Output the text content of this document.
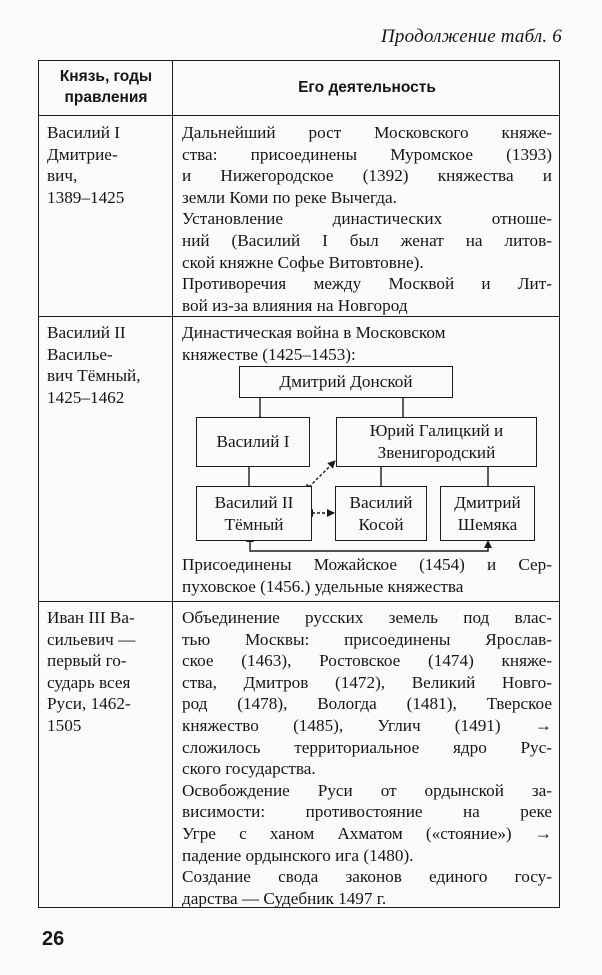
Продолжение табл. 6
Князь, годы
правления
Его деятельность
Василий I
Дмитрие-
вич,
1389–1425
Дальнейший рост Московского княже-
ства: присоединены Муромское (1393)
и Нижегородское (1392) княжества и
земли Коми по реке Вычегда.
Установление династических отноше-
ний (Василий I был женат на литов-
ской княжне Софье Витовтовне).
Противоречия между Москвой и Лит-
вой из-за влияния на Новгород
Василий II
Васильe-
вич Тёмный,
1425–1462
Династическая война в Московском
княжестве (1425–1453):
Дмитрий Донской
Василий I
Юрий Галицкий и
Звенигородский
Василий II
Тёмный
Василий
Косой
Дмитрий
Шемяка
Присоединены Можайское (1454) и Сер-
пуховское (1456.) удельные княжества
Иван III Ва-
сильевич —
первый го-
сударь всея
Руси, 1462-
1505
Объединение русских земель под влас-
тью Москвы: присоединены Ярослав-
ское (1463), Ростовское (1474) княже-
ства, Дмитров (1472), Великий Новго-
род (1478), Вологда (1481), Тверское
княжество (1485), Углич (1491) →
сложилось территориальное ядро Рус-
ского государства.
Освобождение Руси от ордынской за-
висимости: противостояние на реке
Угре с ханом Ахматом («стояние») →
падение ордынского ига (1480).
Создание свода законов единого госу-
дарства — Судебник 1497 г.
26
